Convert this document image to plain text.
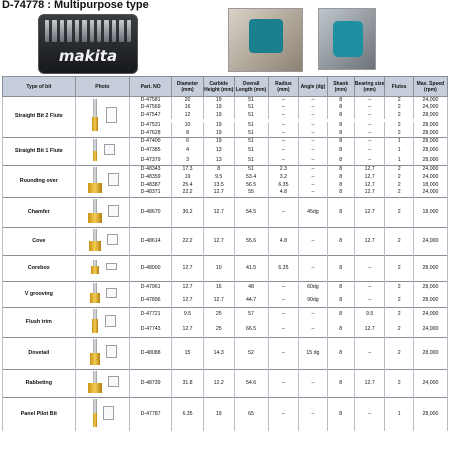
D-74778 : Multipurpose type
makita
Type of bit	Photo	Part. NO	Diameter (mm)	Carbide Height (mm)	Overall Length (mm)	Radius (mm)	Angle (dg)	Shank (mm)	Bearing size (mm)	Flutes	Max. Speed (rpm)
Straight Bit 2 Flute		D-47581	20	19	51	–	–	8	–	2	24,000
		D-47569	16	19	51	–	–	8	–	2	24,000
		D-47547	12	19	51	–	–	8	–	2	28,000

		D-47531	10	19	51	–	–	8	–	2	28,000
		D-47628	8	19	51	–	–	8	–	2	28,000
Straight Bit 1 Flute		D-47400	6	19	51	–	–	8	–	1	28,000
		D-47385	4	13	51	–	–	8	–	1	28,000
		D-47379	3	13	51	–	–	8	–	1	28,000
Rounding over		D-48343	17.3	8	51	2.3	–	8	12.7	2	24,000
		D-48359	19	9.5	53.4	3.2	–	8	12.7	2	24,000
		D-48387	25.4	13.5	56.5	6.35	–	8	12.7	2	18,000
		D-48371	22.2	12.7	55	4.8	–	8	12.7	2	24,000
Chamfer		D-48670	30.2	12.7	54.5	–	45dg	8	12.7	2	18,000
Cove		D-48614	22.2	12.7	55.6	4.8	–	8	12.7	2	24,000
Corebox		D-48000	12.7	10	41.5	6.35	–	8	–	2	28,000
V grooving		D-47961	12.7	16	48	–	60dg	8	–	2	28,000
		D-47896	12.7	12.7	44.7	–	90dg	8	–	2	28,000
Flush trim		D-47721	9.5	25	57	–	–	8	9.5	2	24,000
		D-47743	12.7	25	66.5	–	–	8	12.7	2	24,000
Dovetail		D-48088	15	14.3	52	–	15 dg	8	–	2	28,000
Rabbeting		D-48739	31.8	12.2	54.6	–	–	8	12.7	2	24,000
Panel Pilot Bit		D-47787	6.35	19	65	–	–	8	–	1	28,000
